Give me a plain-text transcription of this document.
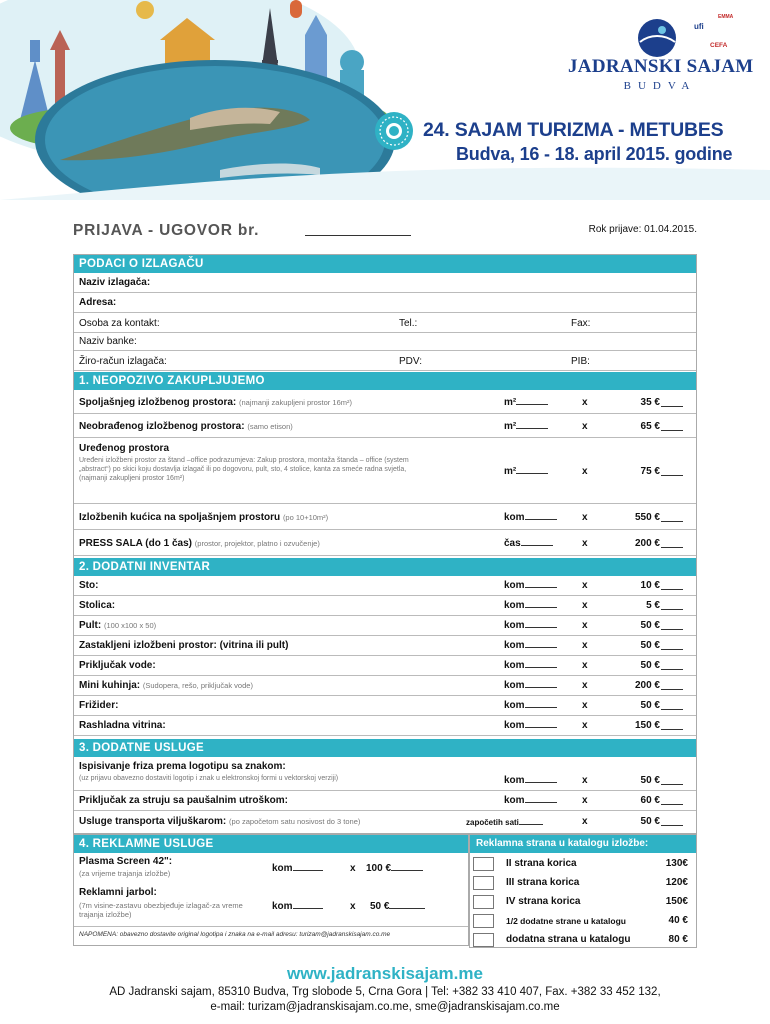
JADRANSKI SAJAM
BUDVA
EMMA
ufi
CEFA
24. SAJAM TURIZMA - METUBES
Budva, 16 - 18. april 2015. godine
PRIJAVA - UGOVOR br.	Rok prijave: 01.04.2015.
PODACI O IZLAGAČU
Naziv izlagača:
Adresa:
Osoba za kontakt:	Tel.:	Fax:
Naziv banke:
Žiro-račun izlagača:	PDV:	PIB:
1. NEOPOZIVO ZAKUPLJUJEMO
Spoljašnjeg izložbenog prostora: (najmanji zakupljeni prostor 16m²)	m²	x	35 €
Neobrađenog izložbenog prostora: (samo etison)	m²	x	65 €
Uređenog prostora
Uređeni izložbeni prostor za štand –office podrazumjeva: Zakup prostora, montaža štanda – office (system „abstract“) po skici koju dostavlja izlagač ili po dogovoru, pult, sto, 4 stolice, kanta za smeće radna svjetla, (najmanji zakupljeni prostor 16m²)
m²	x	75 €
Izložbenih kućica na spoljašnjem prostoru (po 10+10m²)	kom	x	550 €
PRESS SALA (do 1 čas) (prostor, projektor, platno i ozvučenje)	čas	x	200 €
2. DODATNI INVENTAR
Sto:	kom	x	10 €
Stolica:	kom	x	5 €
Pult: (100 x100 x 50)	kom	x	50 €
Zastakljeni izložbeni prostor: (vitrina ili pult)	kom	x	50 €
Priključak vode:	kom	x	50 €
Mini kuhinja: (Sudopera, rešo, priključak vode)	kom	x	200 €
Frižider:	kom	x	50 €
Rashladna vitrina:	kom	x	150 €
3. DODATNE USLUGE
Ispisivanje friza prema logotipu sa znakom:
(uz prijavu obavezno dostaviti logotip i znak u elektronskoj formi u vektorskoj verziji)	kom	x	50 €
Priključak za struju sa paušalnim utroškom:	kom	x	60 €
Usluge transporta viljuškarom: (po započetom satu nosivost do 3 tone)	započetih sati	x	50 €
4. REKLAMNE USLUGE
Plasma Screen 42":
(za vrijeme trajanja izložbe)	kom	x 100 €
Reklamni jarbol:
(7m visine-zastavu obezbjeđuje izlagač-za vreme trajanja izložbe)
kom	x 50 €
NAPOMENA: obavezno dostavite original logotipa i znaka na e-mail adresu: turizam@jadranskisajam.co.me
Reklamna strana u katalogu izložbe:
II strana korica	130€
III strana korica	120€
IV strana korica	150€
1/2 dodatne strane u katalogu	40 €
dodatna strana u katalogu	80 €
www.jadranskisajam.me
AD Jadranski sajam, 85310 Budva, Trg slobode 5, Crna Gora | Tel: +382 33 410 407, Fax. +382 33 452 132,
e-mail: turizam@jadranskisajam.co.me, sme@jadranskisajam.co.me
